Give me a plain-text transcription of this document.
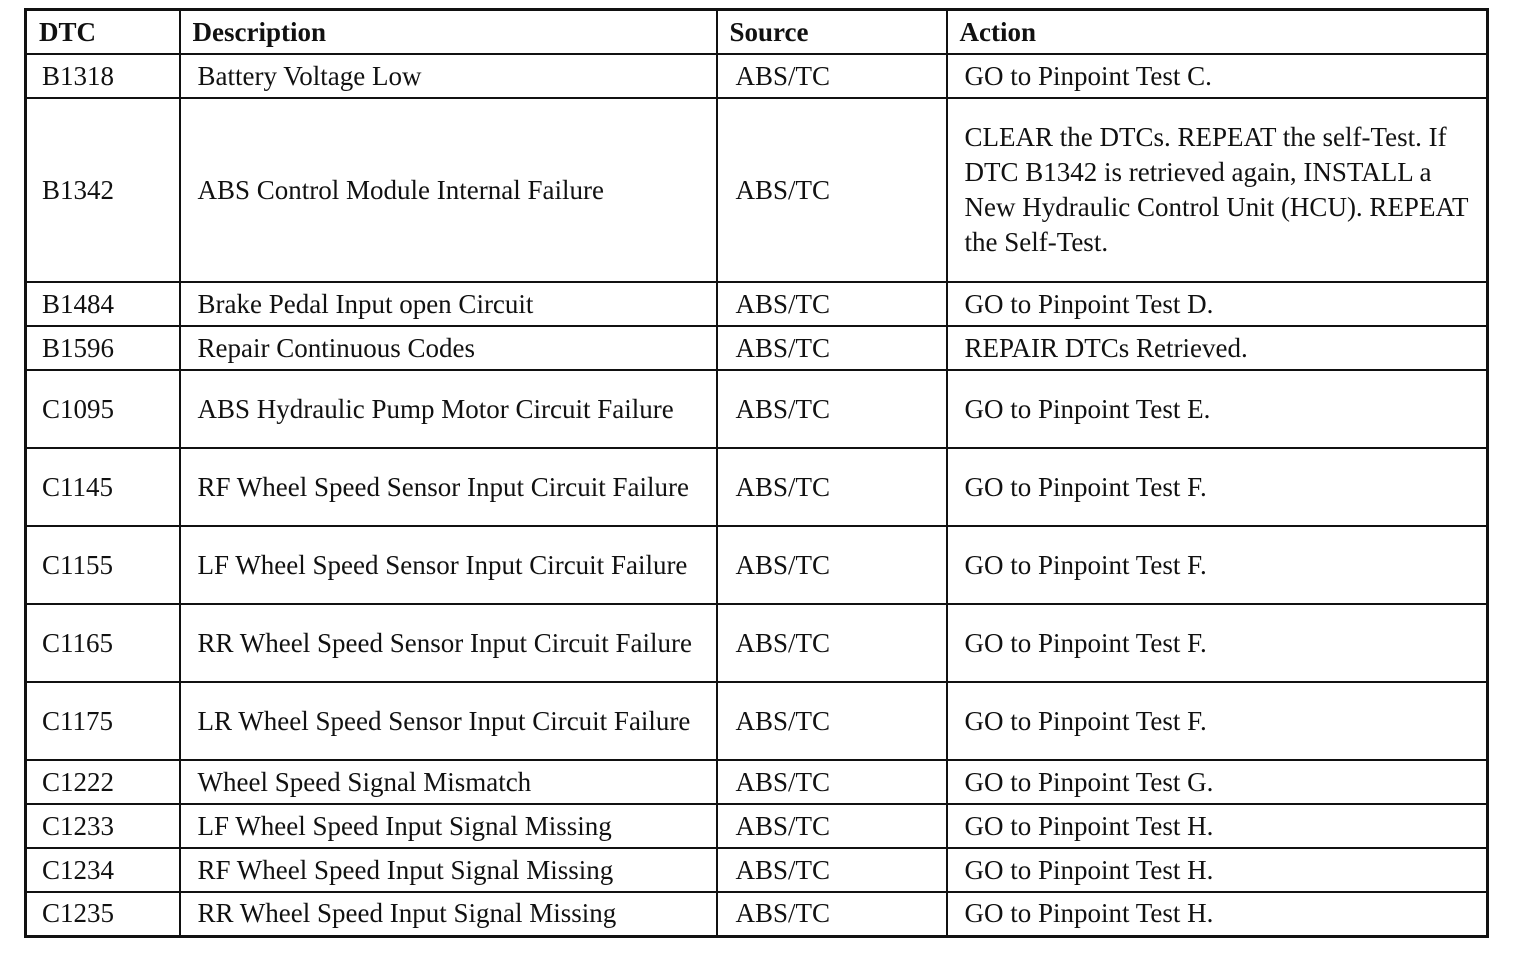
DTC	Description	Source	Action
B1318	Battery Voltage Low	ABS/TC	GO to Pinpoint Test C.
B1342	ABS Control Module Internal Failure	ABS/TC	CLEAR the DTCs. REPEAT the self-Test. If DTC B1342 is retrieved again, INSTALL a New Hydraulic Control Unit (HCU). REPEAT the Self-Test.
B1484	Brake Pedal Input open Circuit	ABS/TC	GO to Pinpoint Test D.
B1596	Repair Continuous Codes	ABS/TC	REPAIR DTCs Retrieved.
C1095	ABS Hydraulic Pump Motor Circuit Failure	ABS/TC	GO to Pinpoint Test E.
C1145	RF Wheel Speed Sensor Input Circuit Failure	ABS/TC	GO to Pinpoint Test F.
C1155	LF Wheel Speed Sensor Input Circuit Failure	ABS/TC	GO to Pinpoint Test F.
C1165	RR Wheel Speed Sensor Input Circuit Failure	ABS/TC	GO to Pinpoint Test F.
C1175	LR Wheel Speed Sensor Input Circuit Failure	ABS/TC	GO to Pinpoint Test F.
C1222	Wheel Speed Signal Mismatch	ABS/TC	GO to Pinpoint Test G.
C1233	LF Wheel Speed Input Signal Missing	ABS/TC	GO to Pinpoint Test H.
C1234	RF Wheel Speed Input Signal Missing	ABS/TC	GO to Pinpoint Test H.
C1235	RR Wheel Speed Input Signal Missing	ABS/TC	GO to Pinpoint Test H.
